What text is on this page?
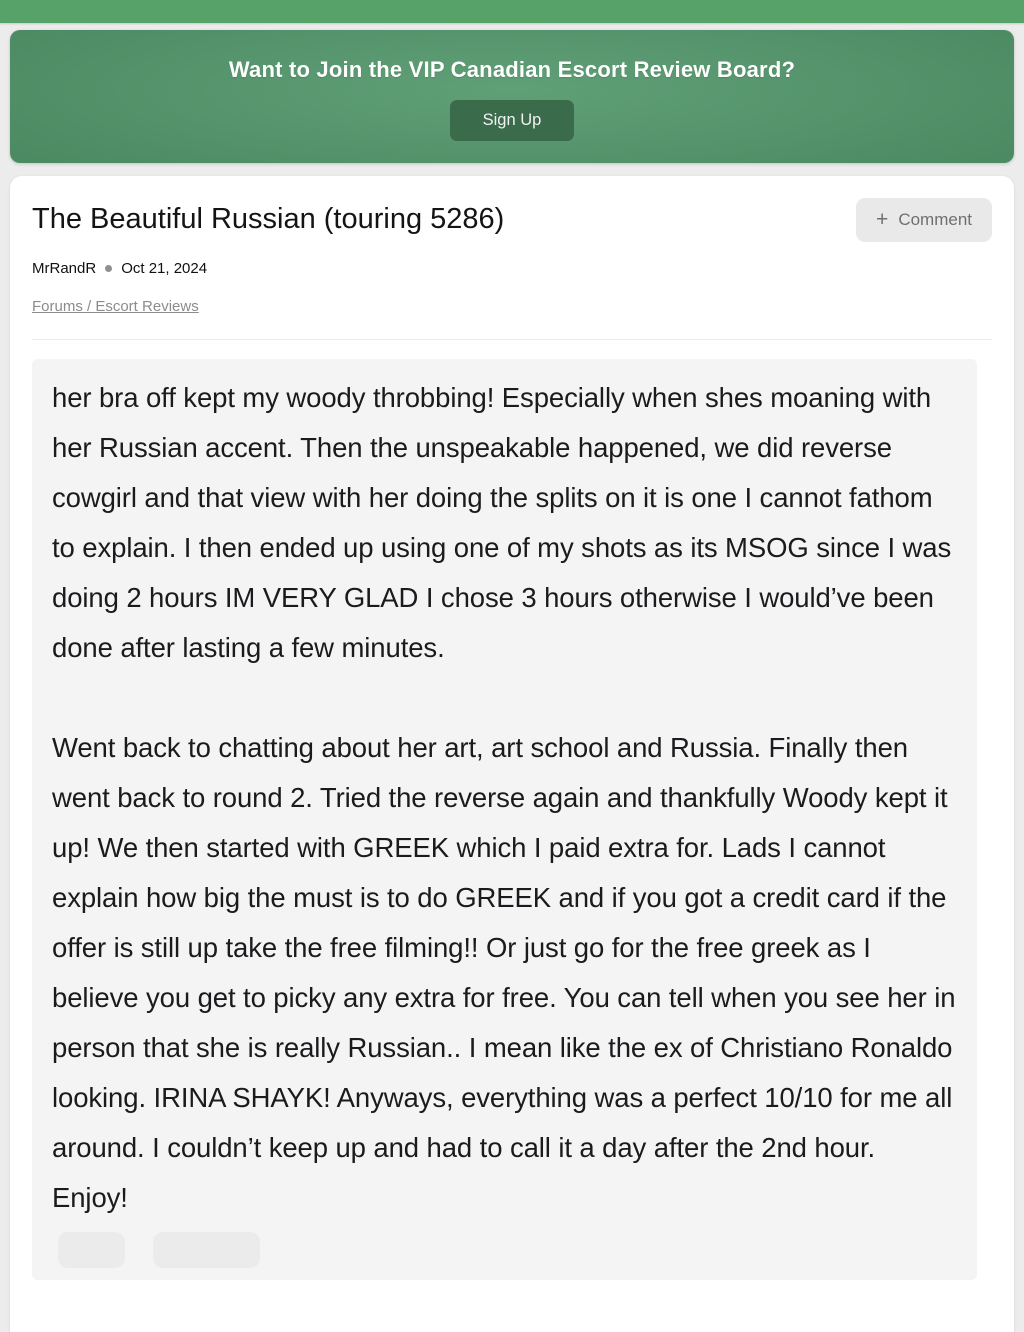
Want to Join the VIP Canadian Escort Review Board?
Sign Up
The Beautiful Russian (touring 5286)	+ Comment
MrRandR Oct 21, 2024
Forums / Escort Reviews

her bra off kept my woody throbbing! Especially when shes moaning with her Russian accent. Then the unspeakable happened, we did reverse cowgirl and that view with her doing the splits on it is one I cannot fathom to explain. I then ended up using one of my shots as its MSOG since I was doing 2 hours IM VERY GLAD I chose 3 hours otherwise I would’ve been done after lasting a few minutes.

Went back to chatting about her art, art school and Russia. Finally then went back to round 2. Tried the reverse again and thankfully Woody kept it up! We then started with GREEK which I paid extra for. Lads I cannot explain how big the must is to do GREEK and if you got a credit card if the offer is still up take the free filming!! Or just go for the free greek as I believe you get to picky any extra for free. You can tell when you see her in person that she is really Russian.. I mean like the ex of Christiano Ronaldo looking. IRINA SHAYK! Anyways, everything was a perfect 10/10 for me all around. I couldn’t keep up and had to call it a day after the 2nd hour. Enjoy!
